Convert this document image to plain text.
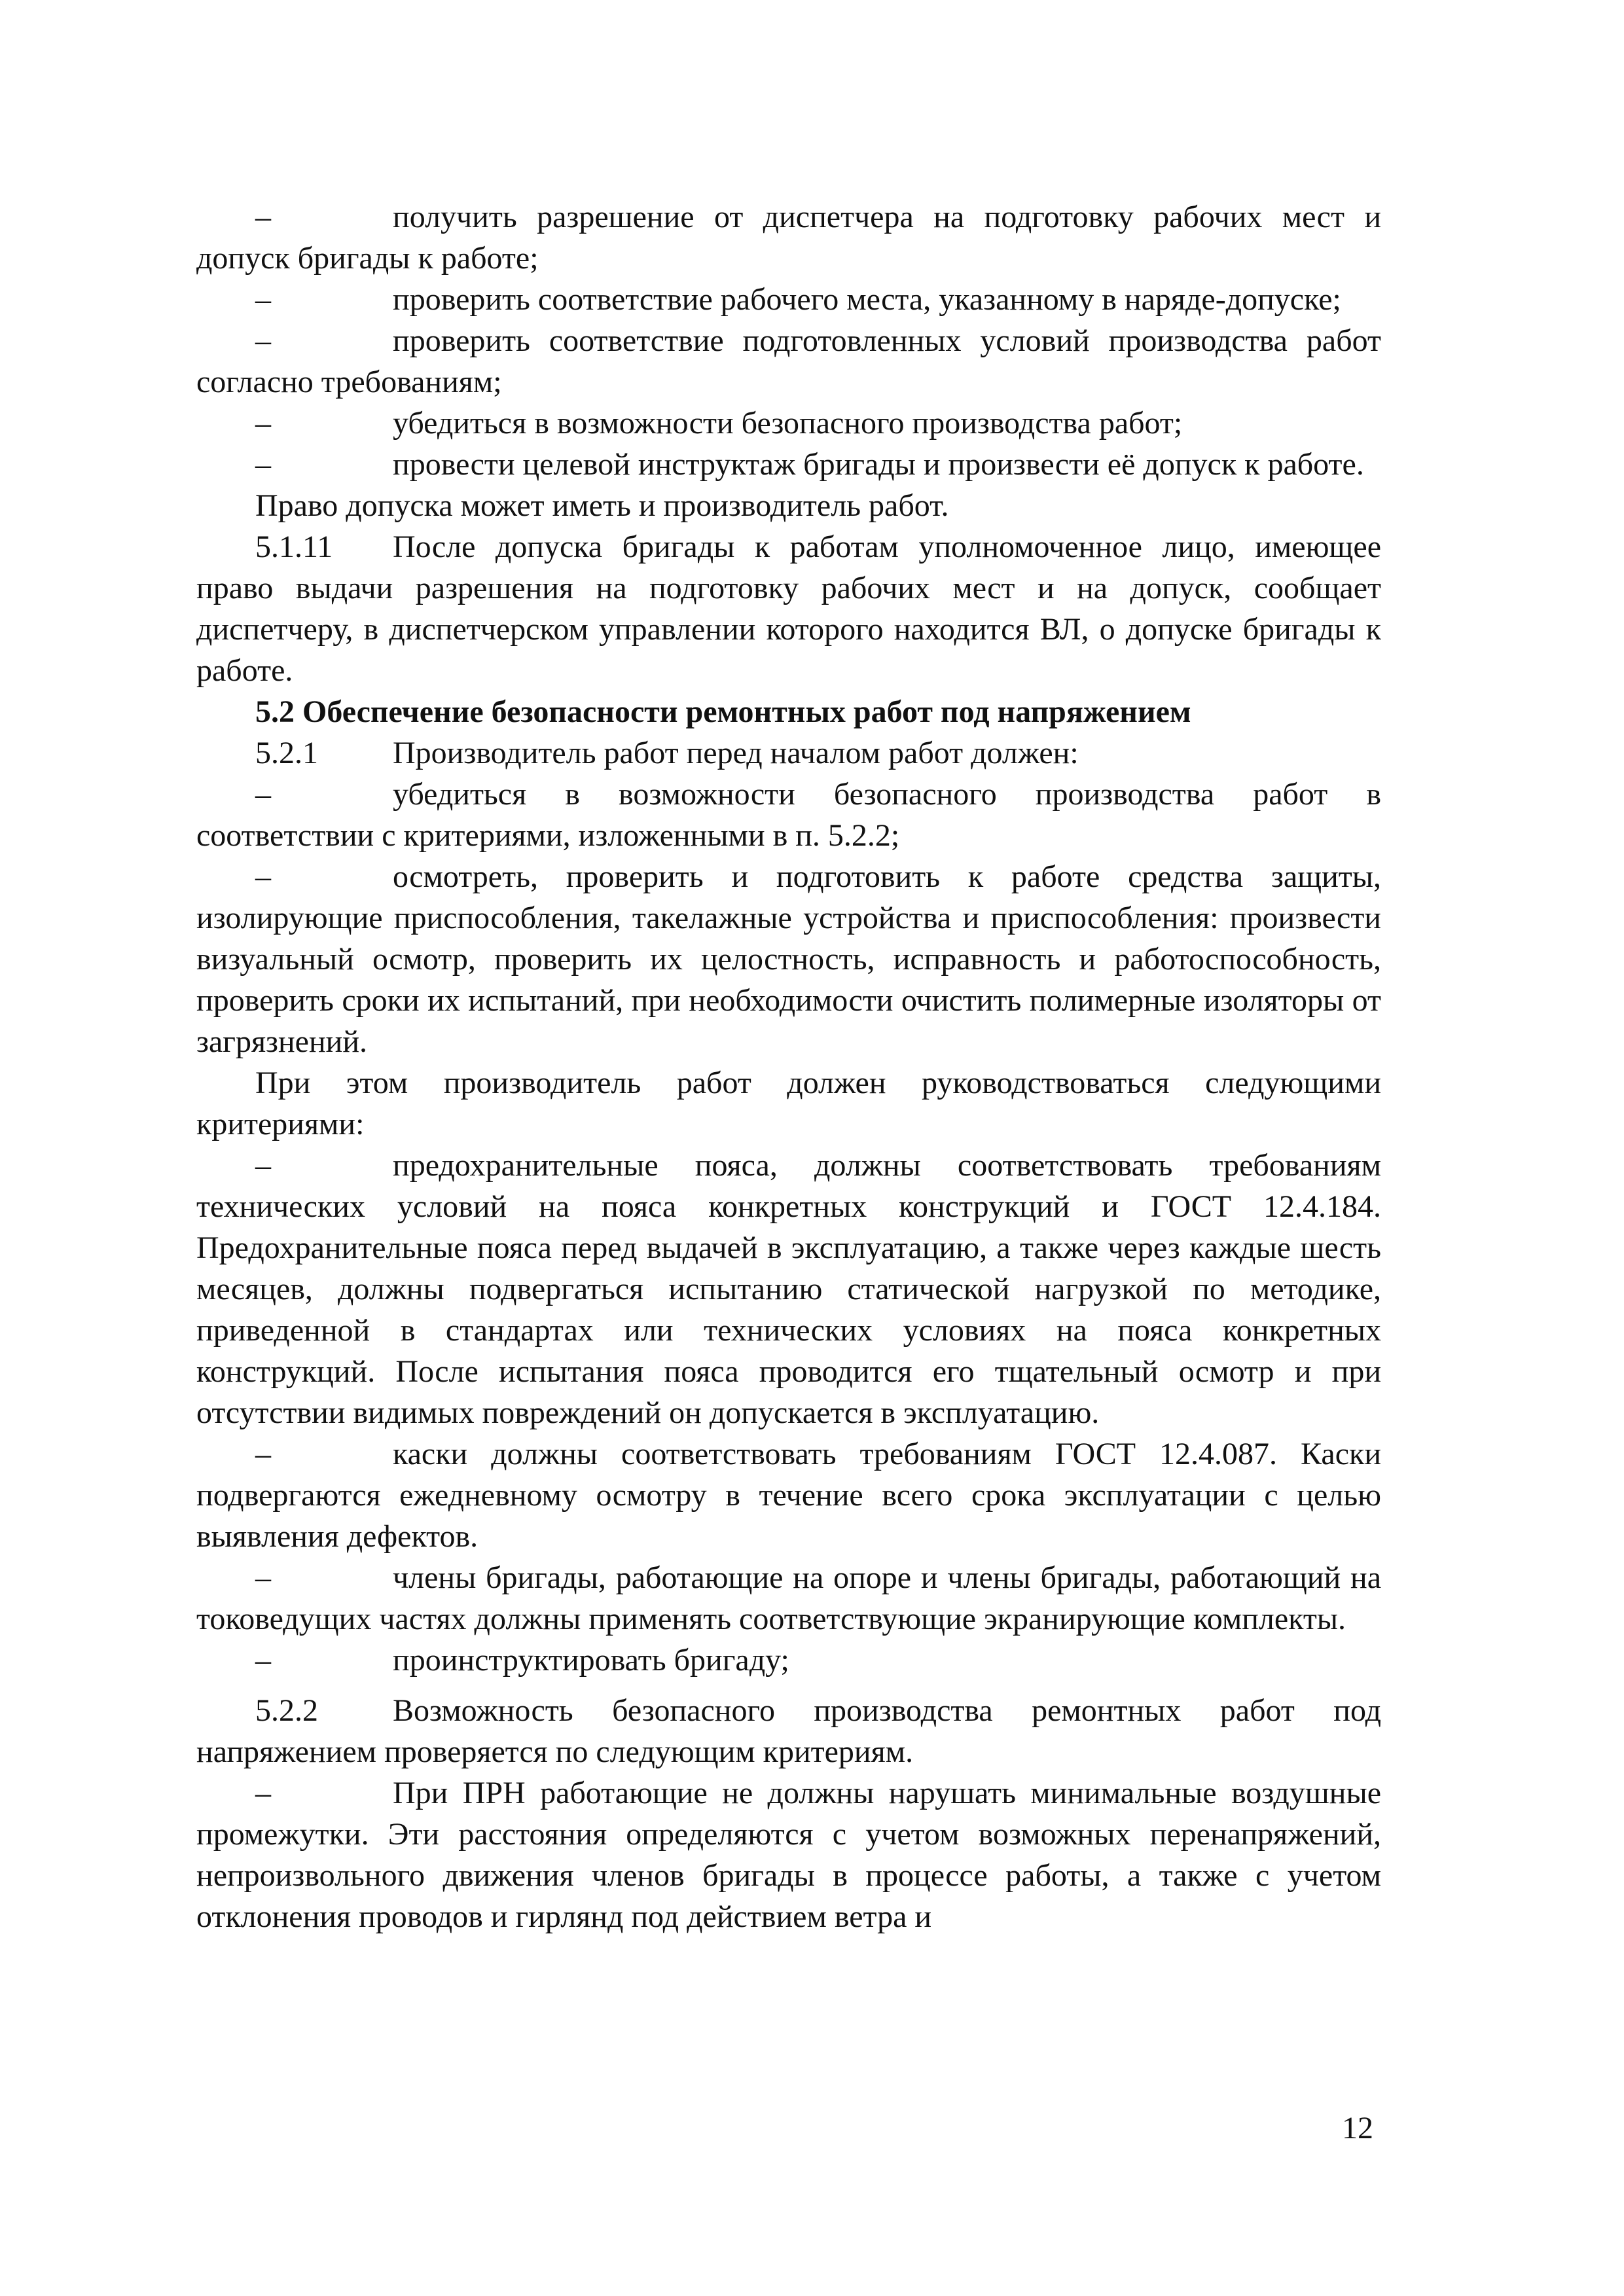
–	получить разрешение от диспетчера на подготовку рабочих мест и допуск бригады к работе;

–	проверить соответствие рабочего места, указанному в наряде-допуске;

–	проверить соответствие подготовленных условий производства работ согласно требованиям;

–	убедиться в возможности безопасного производства работ;

–	провести целевой инструктаж бригады и произвести её допуск к работе.

Право допуска может иметь и производитель работ.

5.1.11 После допуска бригады к работам уполномоченное лицо, имеющее право выдачи разрешения на подготовку рабочих мест и на допуск, сообщает диспетчеру, в диспетчерском управлении которого находится ВЛ, о допуске бригады к работе.

5.2 Обеспечение безопасности ремонтных работ под напряжением

5.2.1 Производитель работ перед началом работ должен:

–	убедиться в возможности безопасного производства работ в соответствии с критериями, изложенными в п. 5.2.2;

–	осмотреть, проверить и подготовить к работе средства защиты, изолирующие приспособления, такелажные устройства и приспособления: произвести визуальный осмотр, проверить их целостность, исправность и работоспособность, проверить сроки их испытаний, при необходимости очистить полимерные изоляторы от загрязнений.

При этом производитель работ должен руководствоваться следующими критериями:

–	предохранительные пояса, должны соответствовать требованиям технических условий на пояса конкретных конструкций и ГОСТ 12.4.184. Предохранительные пояса перед выдачей в эксплуатацию, а также через каждые шесть месяцев, должны подвергаться испытанию статической нагрузкой по методике, приведенной в стандартах или технических условиях на пояса конкретных конструкций. После испытания пояса проводится его тщательный осмотр и при отсутствии видимых повреждений он допускается в эксплуатацию.

–	каски должны соответствовать требованиям ГОСТ 12.4.087. Каски подвергаются ежедневному осмотру в течение всего срока эксплуатации с целью выявления дефектов.

–	члены бригады, работающие на опоре и члены бригады, работающий на токоведущих частях должны применять соответствующие экранирующие комплекты.

–	проинструктировать бригаду;

5.2.2 Возможность безопасного производства ремонтных работ под напряжением проверяется по следующим критериям.

–	При ПРН работающие не должны нарушать минимальные воздушные промежутки. Эти расстояния определяются с учетом возможных перенапряжений, непроизвольного движения членов бригады в процессе работы, а также с учетом отклонения проводов и гирлянд под действием ветра и

12
